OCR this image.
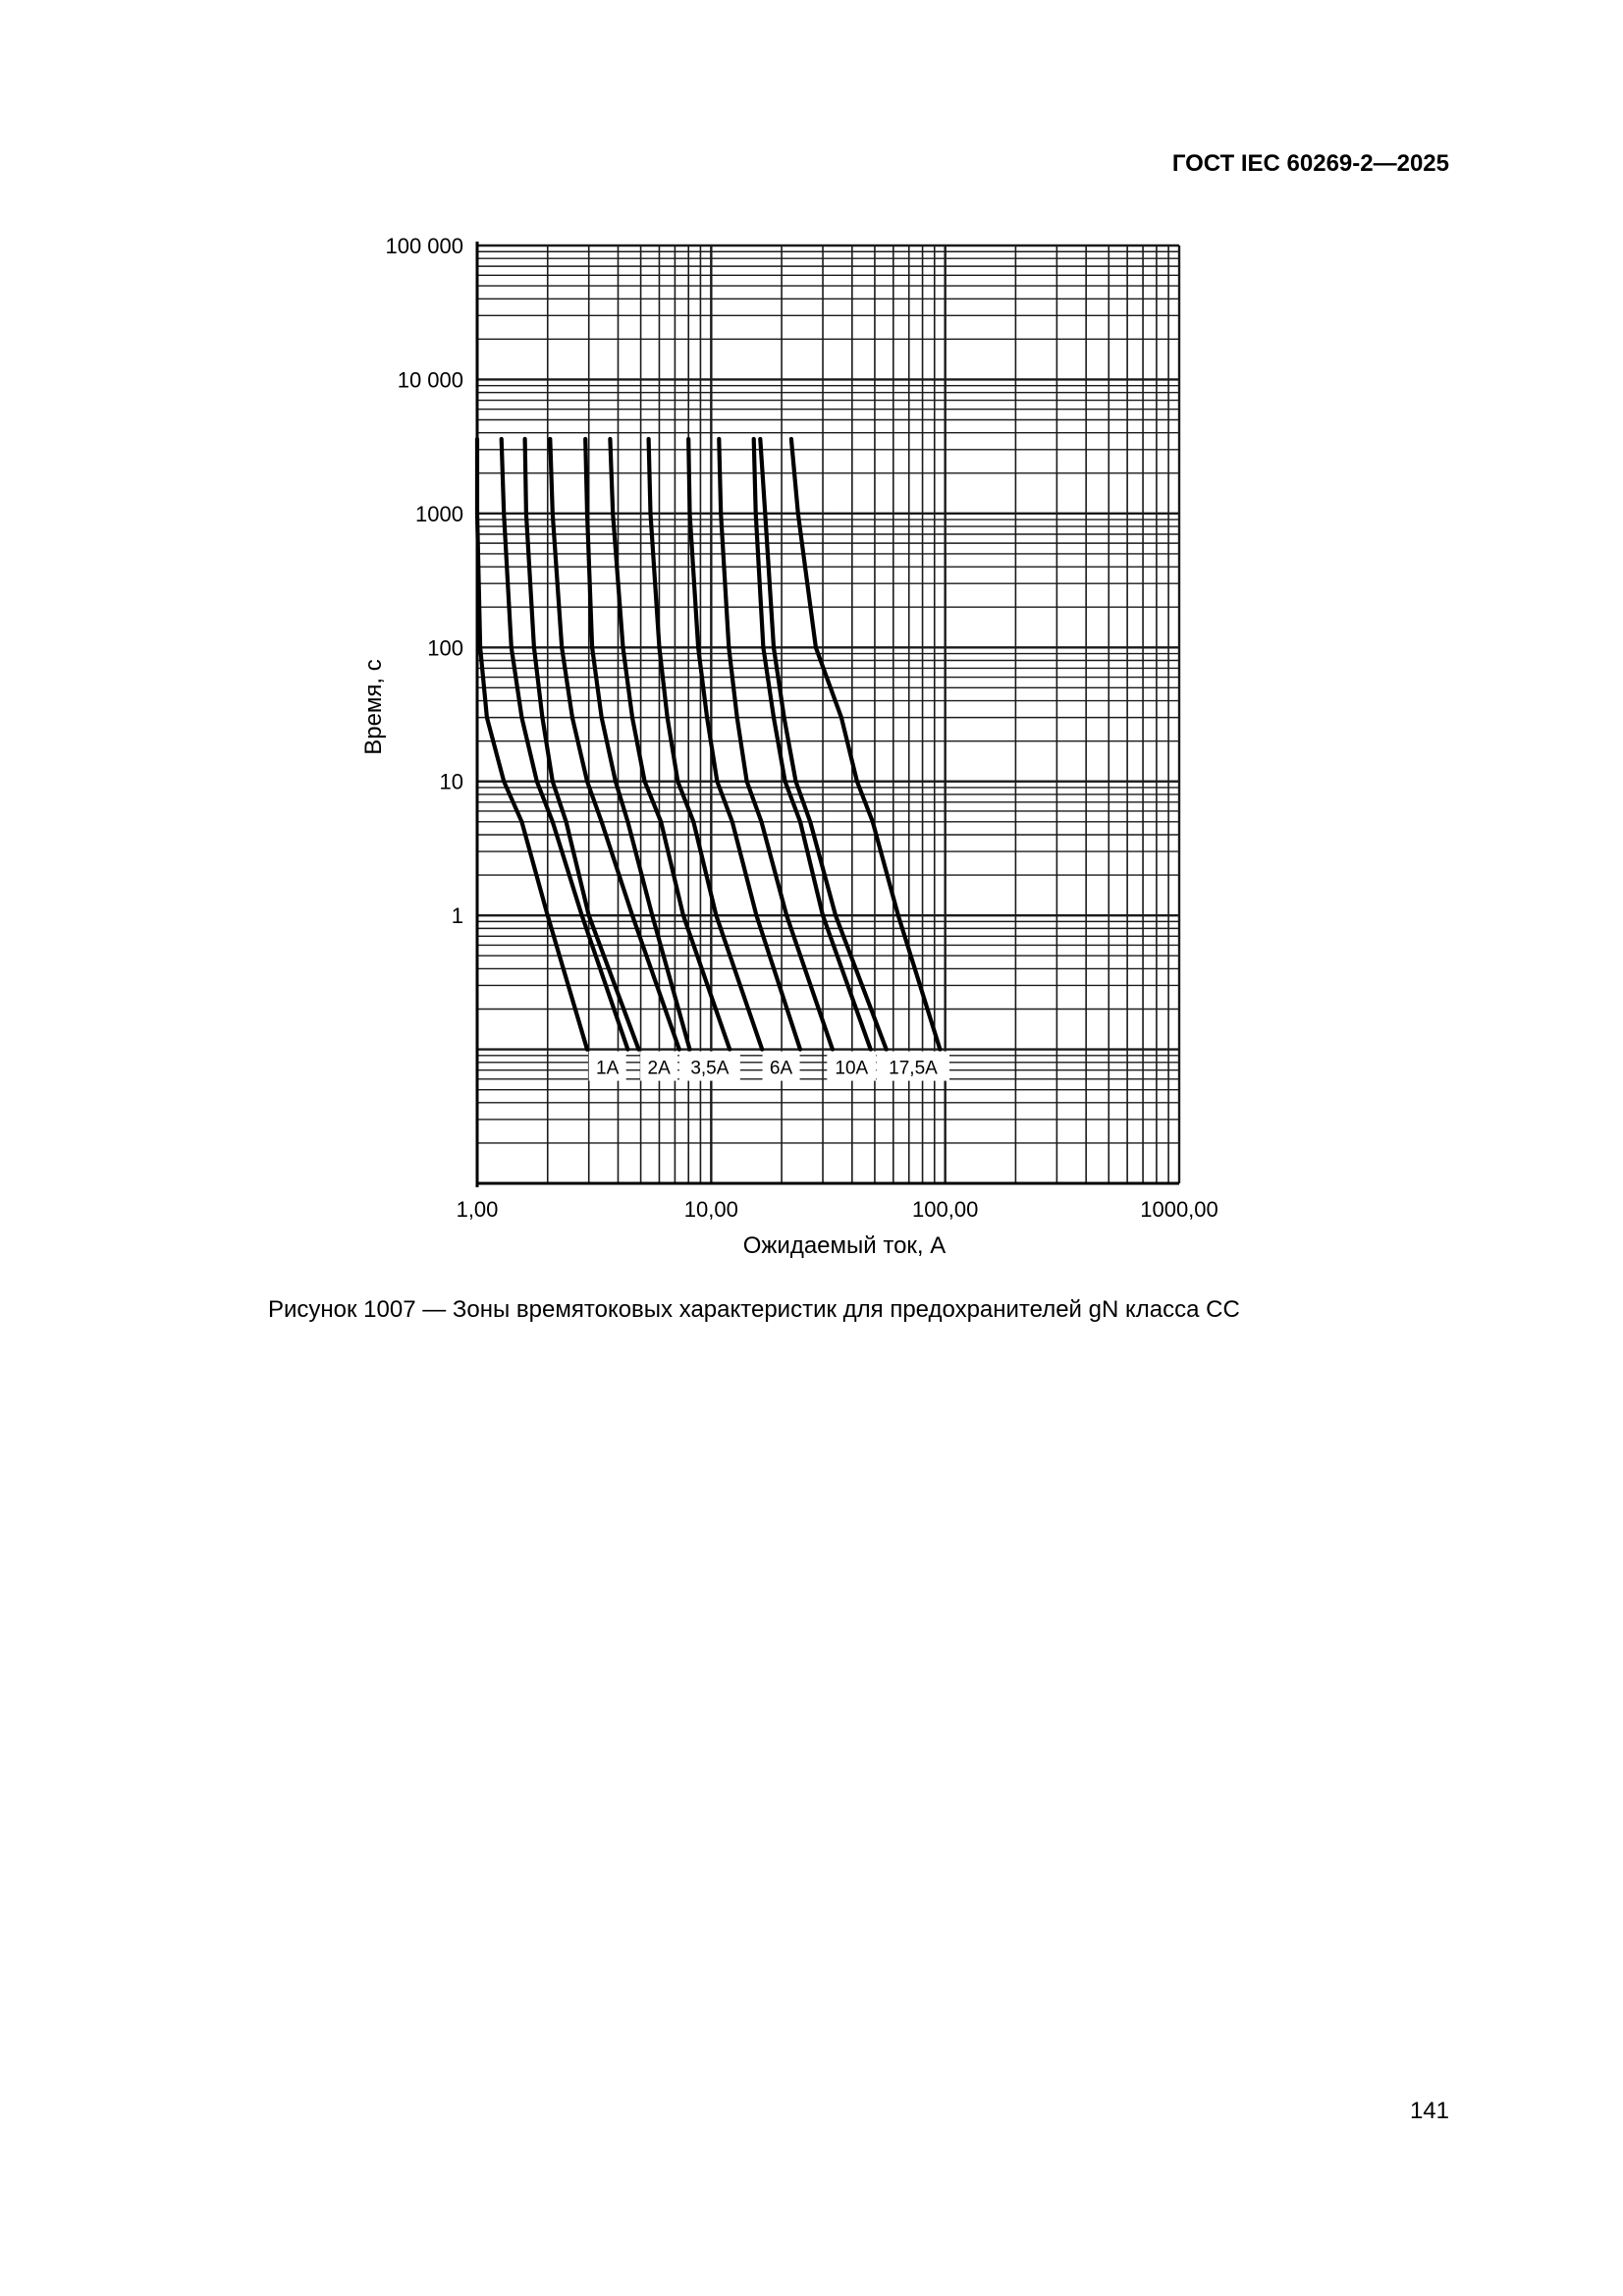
ГОСТ IEC 60269-2—2025
1,00	10,00	100,00	1000,00
100 000
10 000
1000
100
10
1
1A 2A 3,5A 6A 10A 17,5A
Ожидаемый ток, А
Время, с
Рисунок 1007 — Зоны времятоковых характеристик для предохранителей gN класса СС
141
